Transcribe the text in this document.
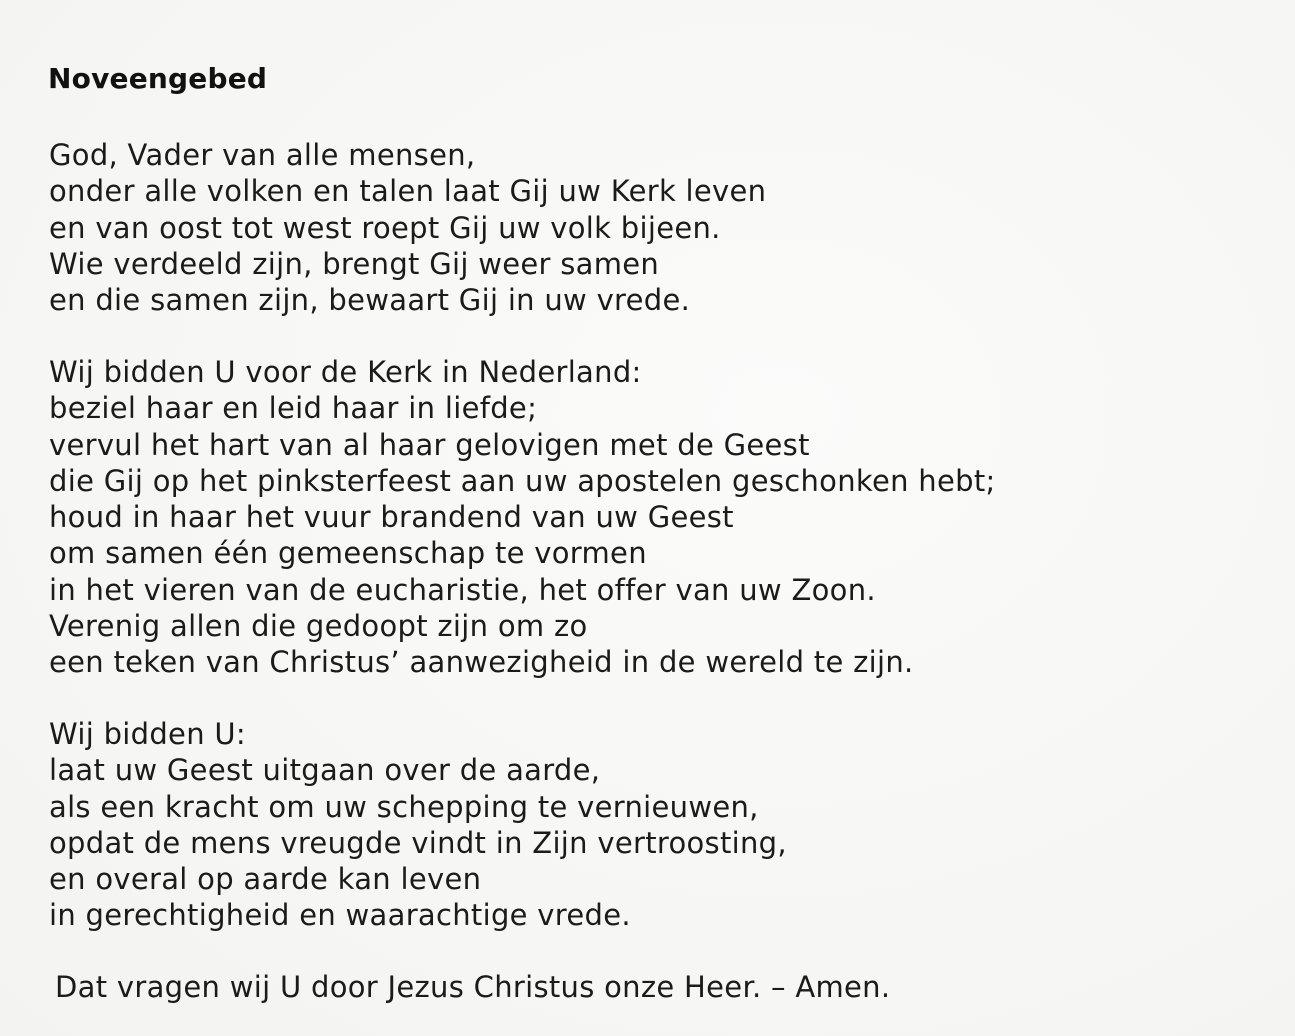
Noveengebed
God, Vader van alle mensen,
onder alle volken en talen laat Gij uw Kerk leven
en van oost tot west roept Gij uw volk bijeen.
Wie verdeeld zijn, brengt Gij weer samen
en die samen zijn, bewaart Gij in uw vrede.
Wij bidden U voor de Kerk in Nederland:
beziel haar en leid haar in liefde;
vervul het hart van al haar gelovigen met de Geest
die Gij op het pinksterfeest aan uw apostelen geschonken hebt;
houd in haar het vuur brandend van uw Geest
om samen één gemeenschap te vormen
in het vieren van de eucharistie, het offer van uw Zoon.
Verenig allen die gedoopt zijn om zo
een teken van Christus’ aanwezigheid in de wereld te zijn.
Wij bidden U:
laat uw Geest uitgaan over de aarde,
als een kracht om uw schepping te vernieuwen,
opdat de mens vreugde vindt in Zijn vertroosting,
en overal op aarde kan leven
in gerechtigheid en waarachtige vrede.
Dat vragen wij U door Jezus Christus onze Heer. – Amen.
